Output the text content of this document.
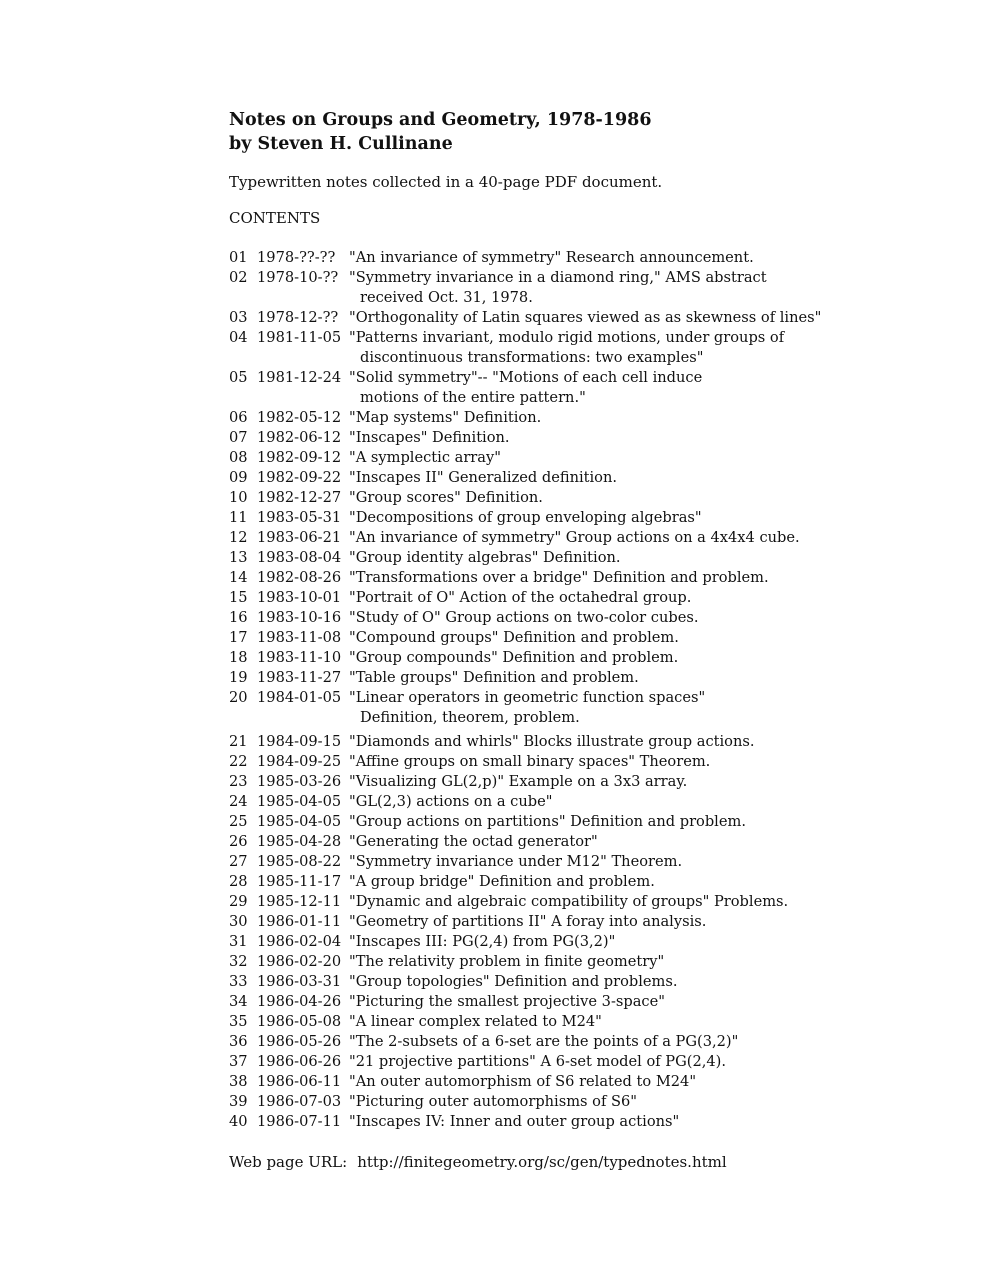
Notes on Groups and Geometry, 1978-1986
by Steven H. Cullinane
Typewritten notes collected in a 40-page PDF document.
CONTENTS
01 1978-??-?? "An invariance of symmetry" Research announcement.
02 1978-10-?? "Symmetry invariance in a diamond ring," AMS abstract
received Oct. 31, 1978.
03 1978-12-?? "Orthogonality of Latin squares viewed as as skewness of lines"
04 1981-11-05 "Patterns invariant, modulo rigid motions, under groups of
discontinuous transformations: two examples"
05 1981-12-24 "Solid symmetry"-- "Motions of each cell induce
motions of the entire pattern."
06 1982-05-12 "Map systems" Definition.
07 1982-06-12 "Inscapes" Definition.
08 1982-09-12 "A symplectic array"
09 1982-09-22 "Inscapes II" Generalized definition.
10 1982-12-27 "Group scores" Definition.
11 1983-05-31 "Decompositions of group enveloping algebras"
12 1983-06-21 "An invariance of symmetry" Group actions on a 4x4x4 cube.
13 1983-08-04 "Group identity algebras" Definition.
14 1982-08-26 "Transformations over a bridge" Definition and problem.
15 1983-10-01 "Portrait of O" Action of the octahedral group.
16 1983-10-16 "Study of O" Group actions on two-color cubes.
17 1983-11-08 "Compound groups" Definition and problem.
18 1983-11-10 "Group compounds" Definition and problem.
19 1983-11-27 "Table groups" Definition and problem.
20 1984-01-05 "Linear operators in geometric function spaces"
Definition, theorem, problem.
21 1984-09-15 "Diamonds and whirls" Blocks illustrate group actions.
22 1984-09-25 "Affine groups on small binary spaces" Theorem.
23 1985-03-26 "Visualizing GL(2,p)" Example on a 3x3 array.
24 1985-04-05 "GL(2,3) actions on a cube"
25 1985-04-05 "Group actions on partitions" Definition and problem.
26 1985-04-28 "Generating the octad generator"
27 1985-08-22 "Symmetry invariance under M12" Theorem.
28 1985-11-17 "A group bridge" Definition and problem.
29 1985-12-11 "Dynamic and algebraic compatibility of groups" Problems.
30 1986-01-11 "Geometry of partitions II" A foray into analysis.
31 1986-02-04 "Inscapes III: PG(2,4) from PG(3,2)"
32 1986-02-20 "The relativity problem in finite geometry"
33 1986-03-31 "Group topologies" Definition and problems.
34 1986-04-26 "Picturing the smallest projective 3-space"
35 1986-05-08 "A linear complex related to M24"
36 1986-05-26 "The 2-subsets of a 6-set are the points of a PG(3,2)"
37 1986-06-26 "21 projective partitions" A 6-set model of PG(2,4).
38 1986-06-11 "An outer automorphism of S6 related to M24"
39 1986-07-03 "Picturing outer automorphisms of S6"
40 1986-07-11 "Inscapes IV: Inner and outer group actions"
Web page URL: http://finitegeometry.org/sc/gen/typednotes.html
